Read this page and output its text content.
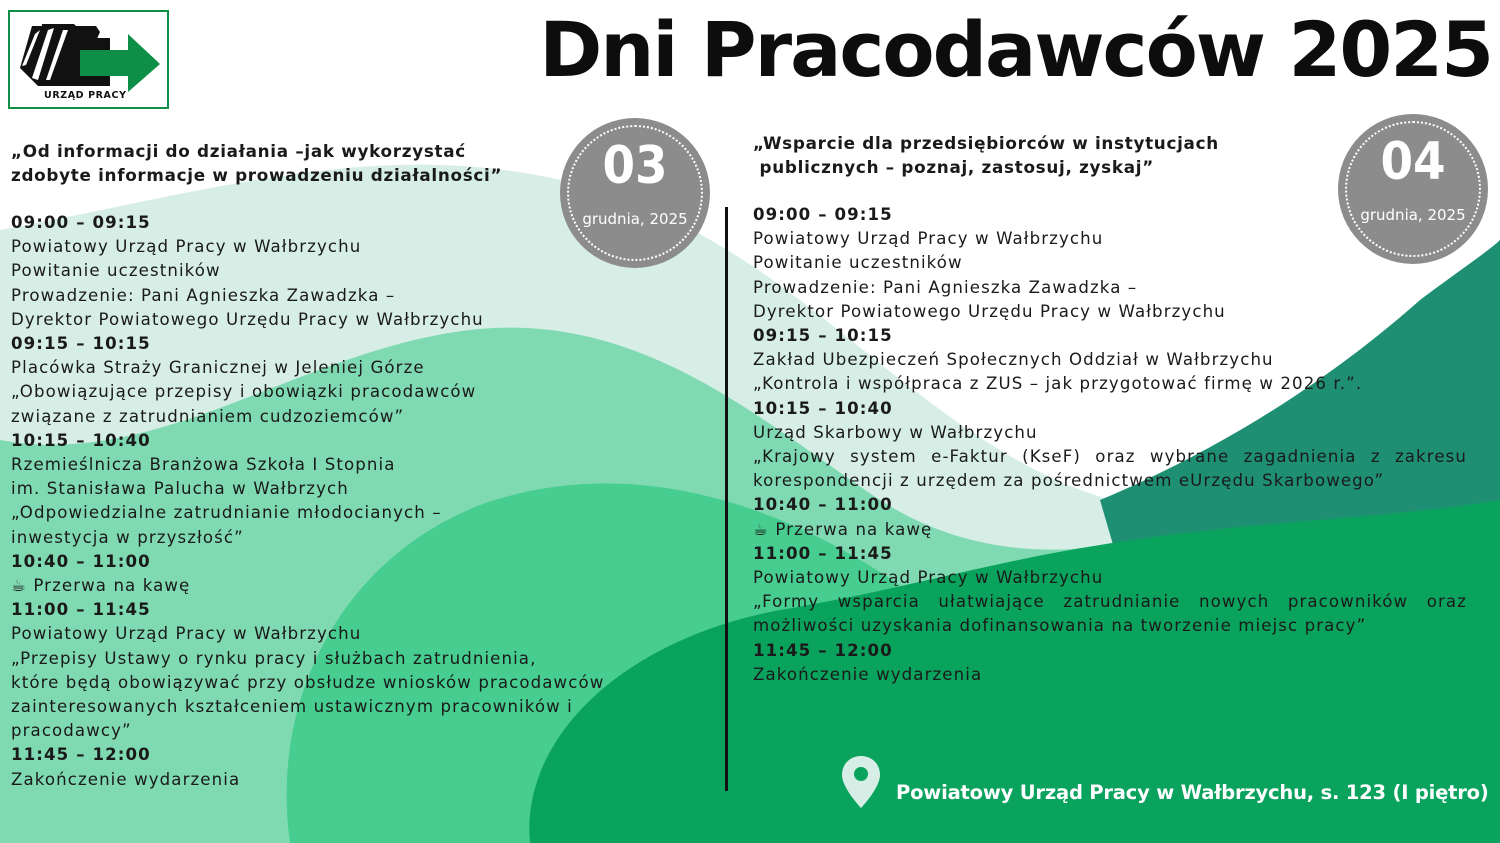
URZĄD PRACY
Dni Pracodawców 2025
03
grudnia, 2025
04
grudnia, 2025
„Od informacji do działania –jak wykorzystać
zdobyte informacje w prowadzeniu działalności”
09:00 – 09:15
Powiatowy Urząd Pracy w Wałbrzychu
Powitanie uczestników
Prowadzenie: Pani Agnieszka Zawadzka –
Dyrektor Powiatowego Urzędu Pracy w Wałbrzychu
09:15 – 10:15
Placówka Straży Granicznej w Jeleniej Górze
„Obowiązujące przepisy i obowiązki pracodawców
związane z zatrudnianiem cudzoziemców”
10:15 – 10:40
Rzemieślnicza Branżowa Szkoła I Stopnia
im. Stanisława Palucha w Wałbrzych
„Odpowiedzialne zatrudnianie młodocianych –
inwestycja w przyszłość”
10:40 – 11:00
☕ Przerwa na kawę
11:00 – 11:45
Powiatowy Urząd Pracy w Wałbrzychu
„Przepisy Ustawy o rynku pracy i służbach zatrudnienia,
które będą obowiązywać przy obsłudze wniosków pracodawców
zainteresowanych kształceniem ustawicznym pracowników i
pracodawcy”
11:45 – 12:00
Zakończenie wydarzenia
„Wsparcie dla przedsiębiorców w instytucjach
publicznych – poznaj, zastosuj, zyskaj”
09:00 – 09:15
Powiatowy Urząd Pracy w Wałbrzychu
Powitanie uczestników
Prowadzenie: Pani Agnieszka Zawadzka –
Dyrektor Powiatowego Urzędu Pracy w Wałbrzychu
09:15 – 10:15
Zakład Ubezpieczeń Społecznych Oddział w Wałbrzychu
„Kontrola i współpraca z ZUS – jak przygotować firmę w 2026 r.”.
10:15 – 10:40
Urząd Skarbowy w Wałbrzychu
„Krajowy system e-Faktur (KseF) oraz wybrane zagadnienia z zakresu
korespondencji z urzędem za pośrednictwem eUrzędu Skarbowego”
10:40 – 11:00
☕ Przerwa na kawę
11:00 – 11:45
Powiatowy Urząd Pracy w Wałbrzychu
„Formy wsparcia ułatwiające zatrudnianie nowych pracowników oraz
możliwości uzyskania dofinansowania na tworzenie miejsc pracy”
11:45 – 12:00
Zakończenie wydarzenia
Powiatowy Urząd Pracy w Wałbrzychu, s. 123 (I piętro)
